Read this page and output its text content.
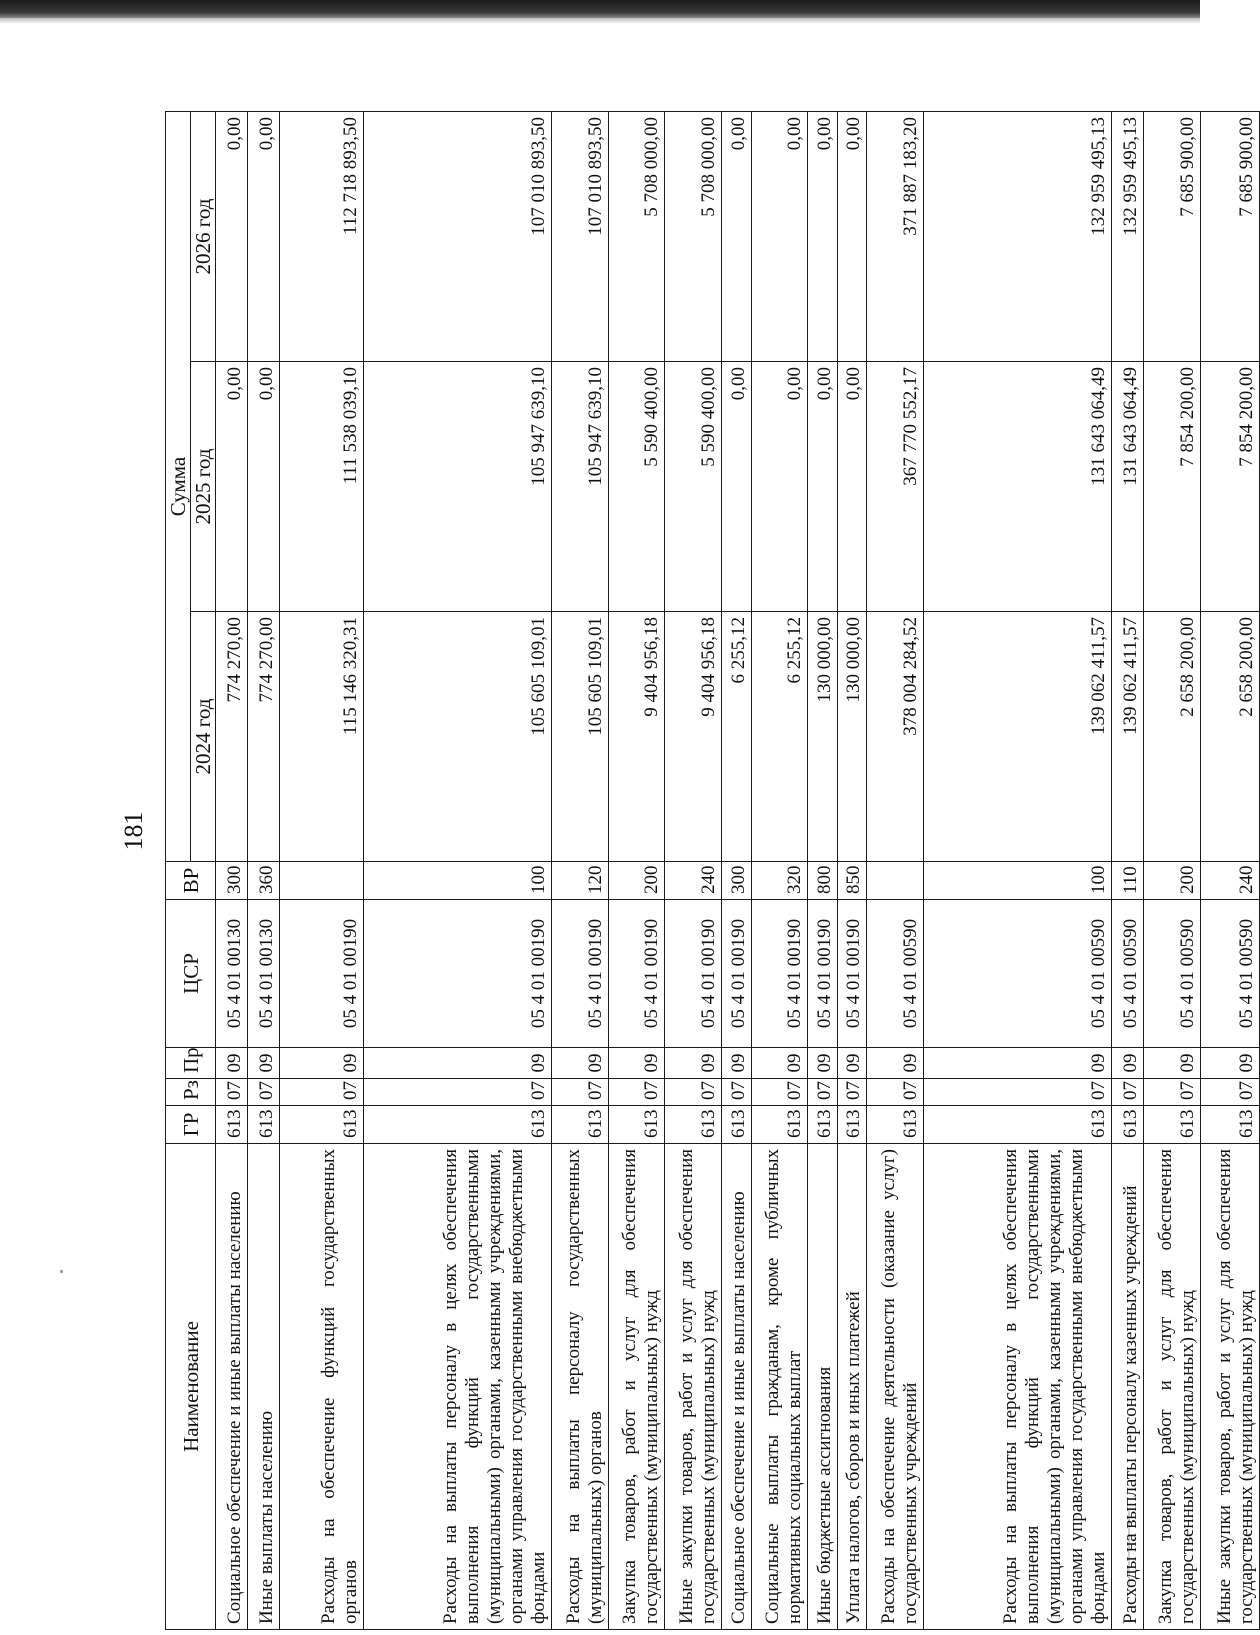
181
Наименование	ГР	Рз	Пр	ЦСР	ВР	Сумма		
						2024 год	2025 год	2026 год
Социальное обеспечение и иные выплаты населению	613	07	09	05 4 01 00130	300	774 270,00	0,00	0,00
Иные выплаты населению	613	07	09	05 4 01 00130	360	774 270,00	0,00	0,00
Расходы на обеспечение функций государственных органов	613	07	09	05 4 01 00190		115 146 320,31	111 538 039,10	112 718 893,50
Расходы на выплаты персоналу в целях обеспечения выполнения функций государственными (муниципальными) органами, казенными учреждениями, органами управления государственными внебюджетными фондами	613	07	09	05 4 01 00190	100	105 605 109,01	105 947 639,10	107 010 893,50
Расходы на выплаты персоналу государственных (муниципальных) органов	613	07	09	05 4 01 00190	120	105 605 109,01	105 947 639,10	107 010 893,50
Закупка товаров, работ и услуг для обеспечения государственных (муниципальных) нужд	613	07	09	05 4 01 00190	200	9 404 956,18	5 590 400,00	5 708 000,00
Иные закупки товаров, работ и услуг для обеспечения государственных (муниципальных) нужд	613	07	09	05 4 01 00190	240	9 404 956,18	5 590 400,00	5 708 000,00
Социальное обеспечение и иные выплаты населению	613	07	09	05 4 01 00190	300	6 255,12	0,00	0,00
Социальные выплаты гражданам, кроме публичных нормативных социальных выплат	613	07	09	05 4 01 00190	320	6 255,12	0,00	0,00
Иные бюджетные ассигнования	613	07	09	05 4 01 00190	800	130 000,00	0,00	0,00
Уплата налогов, сборов и иных платежей	613	07	09	05 4 01 00190	850	130 000,00	0,00	0,00
Расходы на обеспечение деятельности (оказание услуг) государственных учреждений	613	07	09	05 4 01 00590		378 004 284,52	367 770 552,17	371 887 183,20
Расходы на выплаты персоналу в целях обеспечения выполнения функций государственными (муниципальными) органами, казенными учреждениями, органами управления государственными внебюджетными фондами	613	07	09	05 4 01 00590	100	139 062 411,57	131 643 064,49	132 959 495,13
Расходы на выплаты персоналу казенных учреждений	613	07	09	05 4 01 00590	110	139 062 411,57	131 643 064,49	132 959 495,13
Закупка товаров, работ и услуг для обеспечения государственных (муниципальных) нужд	613	07	09	05 4 01 00590	200	2 658 200,00	7 854 200,00	7 685 900,00
Иные закупки товаров, работ и услуг для обеспечения государственных (муниципальных) нужд	613	07	09	05 4 01 00590	240	2 658 200,00	7 854 200,00	7 685 900,00
